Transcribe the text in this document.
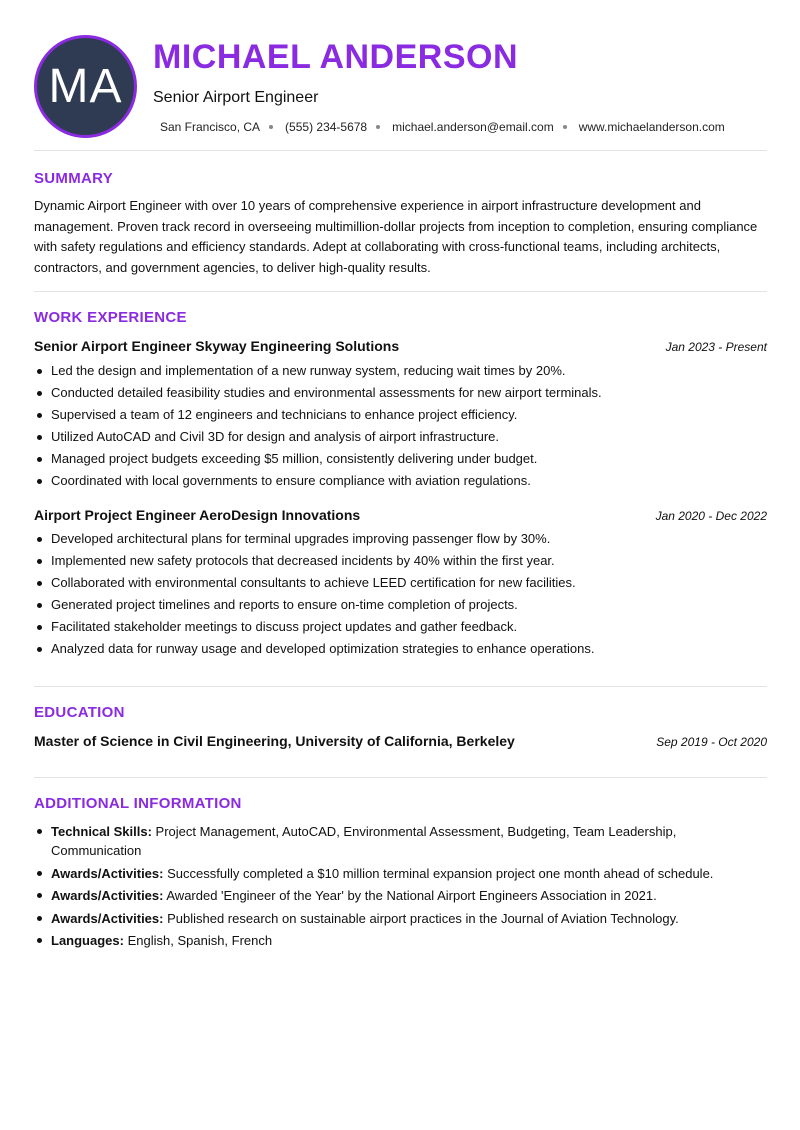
MA
MICHAEL ANDERSON
Senior Airport Engineer
San Francisco, CA (555) 234-5678 michael.anderson@email.com www.michaelanderson.com
SUMMARY

Dynamic Airport Engineer with over 10 years of comprehensive experience in airport infrastructure development and management. Proven track record in overseeing multimillion-dollar projects from inception to completion, ensuring compliance with safety regulations and efficiency standards. Adept at collaborating with cross-functional teams, including architects, contractors, and government agencies, to deliver high-quality results.

WORK EXPERIENCE
Senior Airport Engineer Skyway Engineering Solutions	Jan 2023 - Present
Led the design and implementation of a new runway system, reducing wait times by 20%.
Conducted detailed feasibility studies and environmental assessments for new airport terminals.
Supervised a team of 12 engineers and technicians to enhance project efficiency.
Utilized AutoCAD and Civil 3D for design and analysis of airport infrastructure.
Managed project budgets exceeding $5 million, consistently delivering under budget.
Coordinated with local governments to ensure compliance with aviation regulations.
Airport Project Engineer AeroDesign Innovations	Jan 2020 - Dec 2022
Developed architectural plans for terminal upgrades improving passenger flow by 30%.
Implemented new safety protocols that decreased incidents by 40% within the first year.
Collaborated with environmental consultants to achieve LEED certification for new facilities.
Generated project timelines and reports to ensure on-time completion of projects.
Facilitated stakeholder meetings to discuss project updates and gather feedback.
Analyzed data for runway usage and developed optimization strategies to enhance operations.
EDUCATION
Master of Science in Civil Engineering, University of California, Berkeley	Sep 2019 - Oct 2020
ADDITIONAL INFORMATION
Technical Skills: Project Management, AutoCAD, Environmental Assessment, Budgeting, Team Leadership, Communication
Awards/Activities: Successfully completed a $10 million terminal expansion project one month ahead of schedule.
Awards/Activities: Awarded 'Engineer of the Year' by the National Airport Engineers Association in 2021.
Awards/Activities: Published research on sustainable airport practices in the Journal of Aviation Technology.
Languages: English, Spanish, French
